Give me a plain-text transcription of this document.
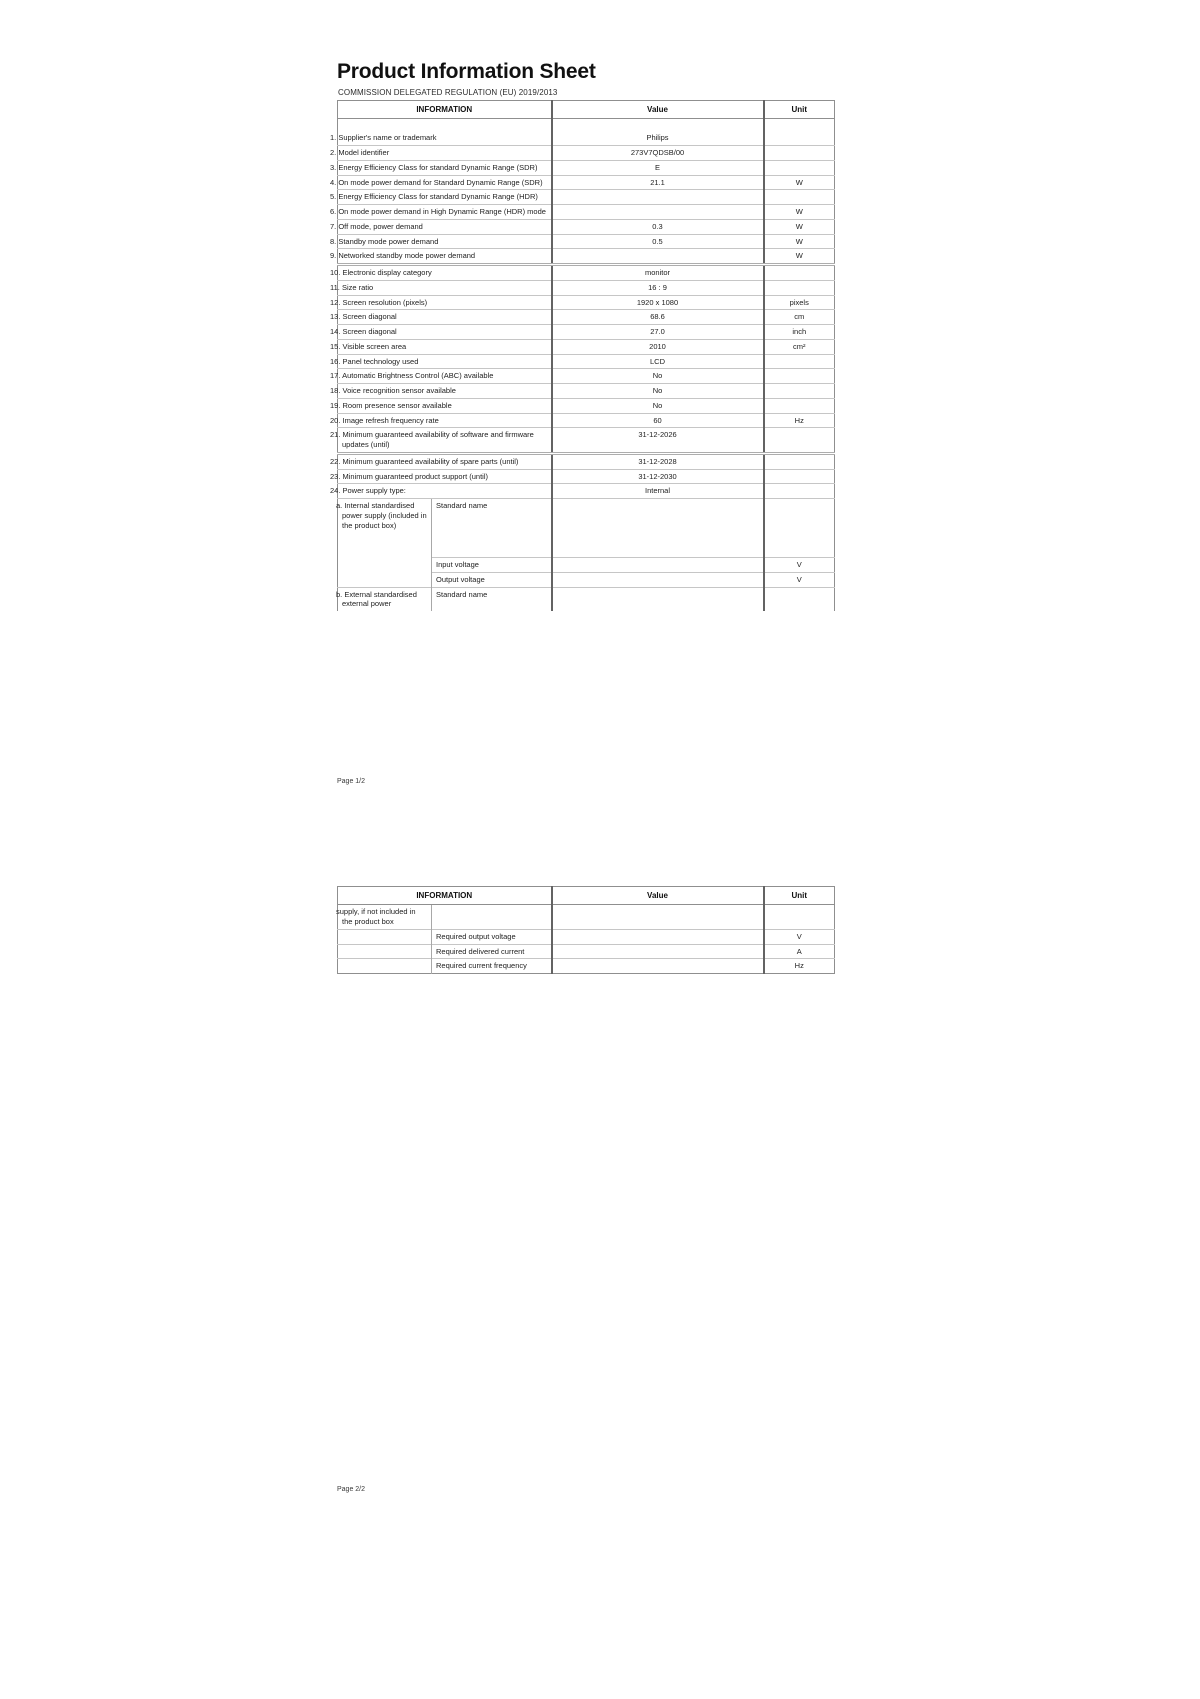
Product Information Sheet
COMMISSION DELEGATED REGULATION (EU) 2019/2013
INFORMATION		Value	Unit
1. Supplier's name or trademark		Philips	
2. Model identifier		273V7QDSB/00	
3. Energy Efficiency Class for standard Dynamic Range (SDR)		E	
4. On mode power demand for Standard Dynamic Range (SDR)		21.1	W
5. Energy Efficiency Class for standard Dynamic Range (HDR)			
6. On mode power demand in High Dynamic Range (HDR) mode			W
7. Off mode, power demand		0.3	W
8. Standby mode power demand		0.5	W
9. Networked standby mode power demand			W
10. Electronic display category		monitor	
11. Size ratio		16 : 9	
12. Screen resolution (pixels)		1920 x 1080	pixels
13. Screen diagonal		68.6	cm
14. Screen diagonal		27.0	inch
15. Visible screen area		2010	cm²
16. Panel technology used		LCD	
17. Automatic Brightness Control (ABC) available		No	
18. Voice recognition sensor available		No	
19. Room presence sensor available		No	
20. Image refresh frequency rate		60	Hz
21. Minimum guaranteed availability of software and firmware updates (until)		31-12-2026	
22. Minimum guaranteed availability of spare parts (until)		31-12-2028	
23. Minimum guaranteed product support (until)		31-12-2030	
24. Power supply type:		Internal	
a. Internal standardised power supply (included in the product box)	Standard name		
	Input voltage		V
	Output voltage		V
b. External standardised external power	Standard name		
Page 1/2
INFORMATION		Value	Unit
supply, if not included in the product box			
	Required output voltage		V
	Required delivered current		A
	Required current frequency		Hz
Page 2/2
